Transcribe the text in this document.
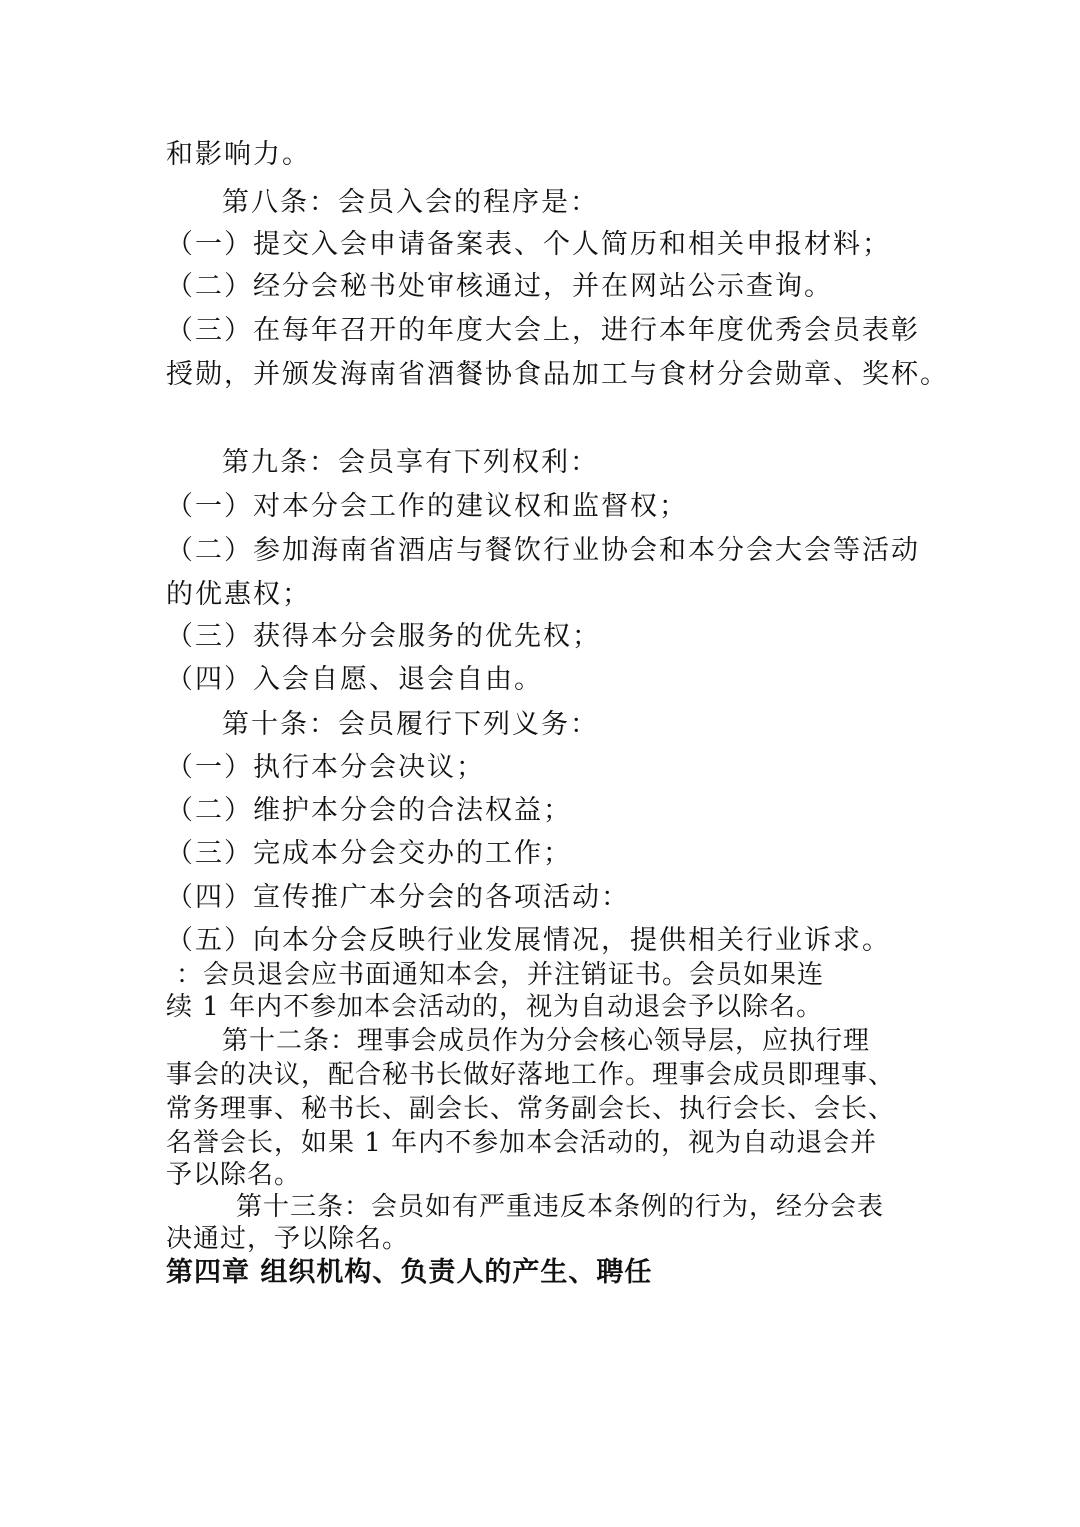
和影响力。
第八条：会员入会的程序是：
（一）提交入会申请备案表、个人简历和相关申报材料；
（二）经分会秘书处审核通过，并在网站公示查询。
（三）在每年召开的年度大会上，进行本年度优秀会员表彰
授勋，并颁发海南省酒餐协食品加工与食材分会勋章、奖杯。
第九条：会员享有下列权利：
（一）对本分会工作的建议权和监督权；
（二）参加海南省酒店与餐饮行业协会和本分会大会等活动
的优惠权；
（三）获得本分会服务的优先权；
（四）入会自愿、退会自由。
第十条：会员履行下列义务：
（一）执行本分会决议；
（二）维护本分会的合法权益；
（三）完成本分会交办的工作；
（四）宣传推广本分会的各项活动：
（五）向本分会反映行业发展情况，提供相关行业诉求。
：会员退会应书面通知本会，并注销证书。会员如果连
续 1 年内不参加本会活动的，视为自动退会予以除名。
第十二条：理事会成员作为分会核心领导层，应执行理
事会的决议，配合秘书长做好落地工作。理事会成员即理事、
常务理事、秘书长、副会长、常务副会长、执行会长、会长、
名誉会长，如果 1 年内不参加本会活动的，视为自动退会并
予以除名。
第十三条：会员如有严重违反本条例的行为，经分会表
决通过，予以除名。
第四章 组织机构、负责人的产生、聘任
